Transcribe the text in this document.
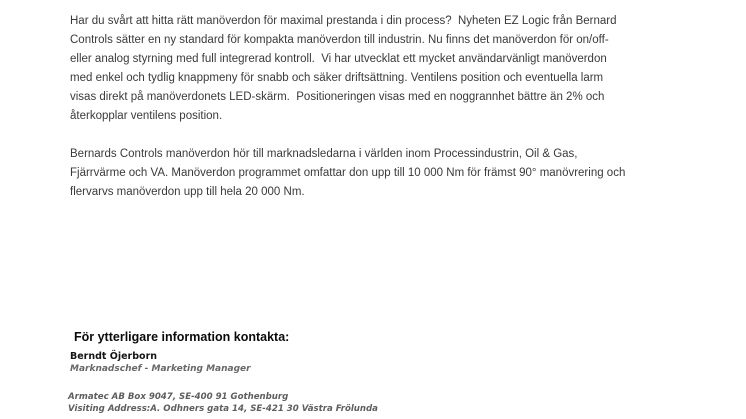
Har du svårt att hitta rätt manöverdon för maximal prestanda i din process?  Nyheten EZ Logic från Bernard
Controls sätter en ny standard för kompakta manöverdon till industrin. Nu finns det manöverdon för on/off-
eller analog styrning med full integrerad kontroll.  Vi har utvecklat ett mycket användarvänligt manöverdon
med enkel och tydlig knappmeny för snabb och säker driftsättning. Ventilens position och eventuella larm
visas direkt på manöverdonets LED-skärm.  Positioneringen visas med en noggrannhet bättre än 2% och
återkopplar ventilens position.
Bernards Controls manöverdon hör till marknadsledarna i världen inom Processindustrin, Oil & Gas,
Fjärrvärme och VA. Manöverdon programmet omfattar don upp till 10 000 Nm för främst 90° manövrering och
flervarvs manöverdon upp till hela 20 000 Nm.
För ytterligare information kontakta:
Berndt Öjerborn
Marknadschef - Marketing Manager
Armatec AB Box 9047, SE-400 91 Gothenburg
Visiting Address:A. Odhners gata 14, SE-421 30 Västra Frölunda
